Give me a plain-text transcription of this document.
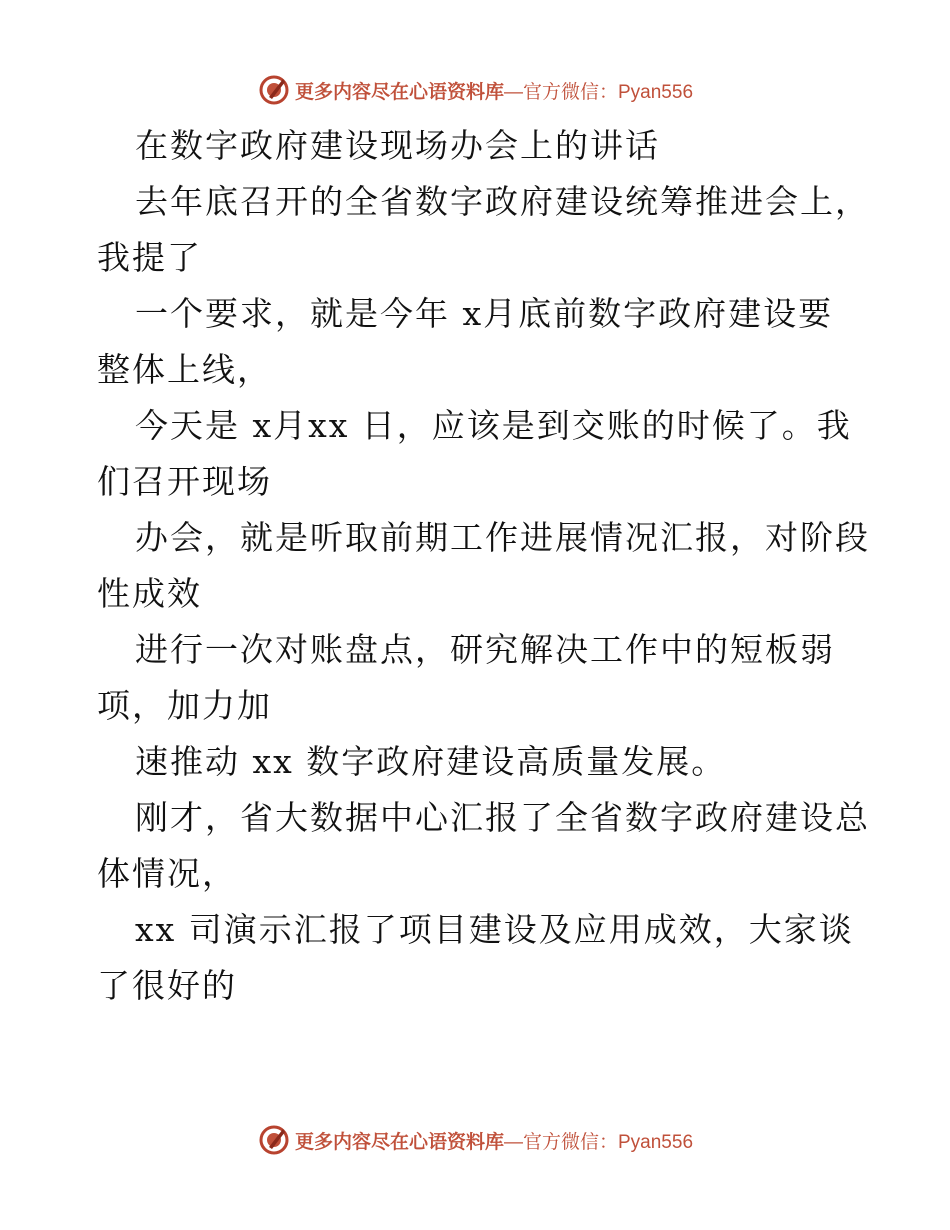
更多内容尽在心语资料库 —官方微信：Pyan556
在数字政府建设现场办会上的讲话
去年底召开的全省数字政府建设统筹推进会上，
我提了
一个要求，就是今年 x月底前数字政府建设要
整体上线，
今天是 x月xx 日，应该是到交账的时候了。我
们召开现场
办会，就是听取前期工作进展情况汇报，对阶段
性成效
进行一次对账盘点，研究解决工作中的短板弱
项，加力加
速推动 xx 数字政府建设高质量发展。
刚才，省大数据中心汇报了全省数字政府建设总
体情况，
xx 司演示汇报了项目建设及应用成效，大家谈
了很好的
更多内容尽在心语资料库 —官方微信：Pyan556
